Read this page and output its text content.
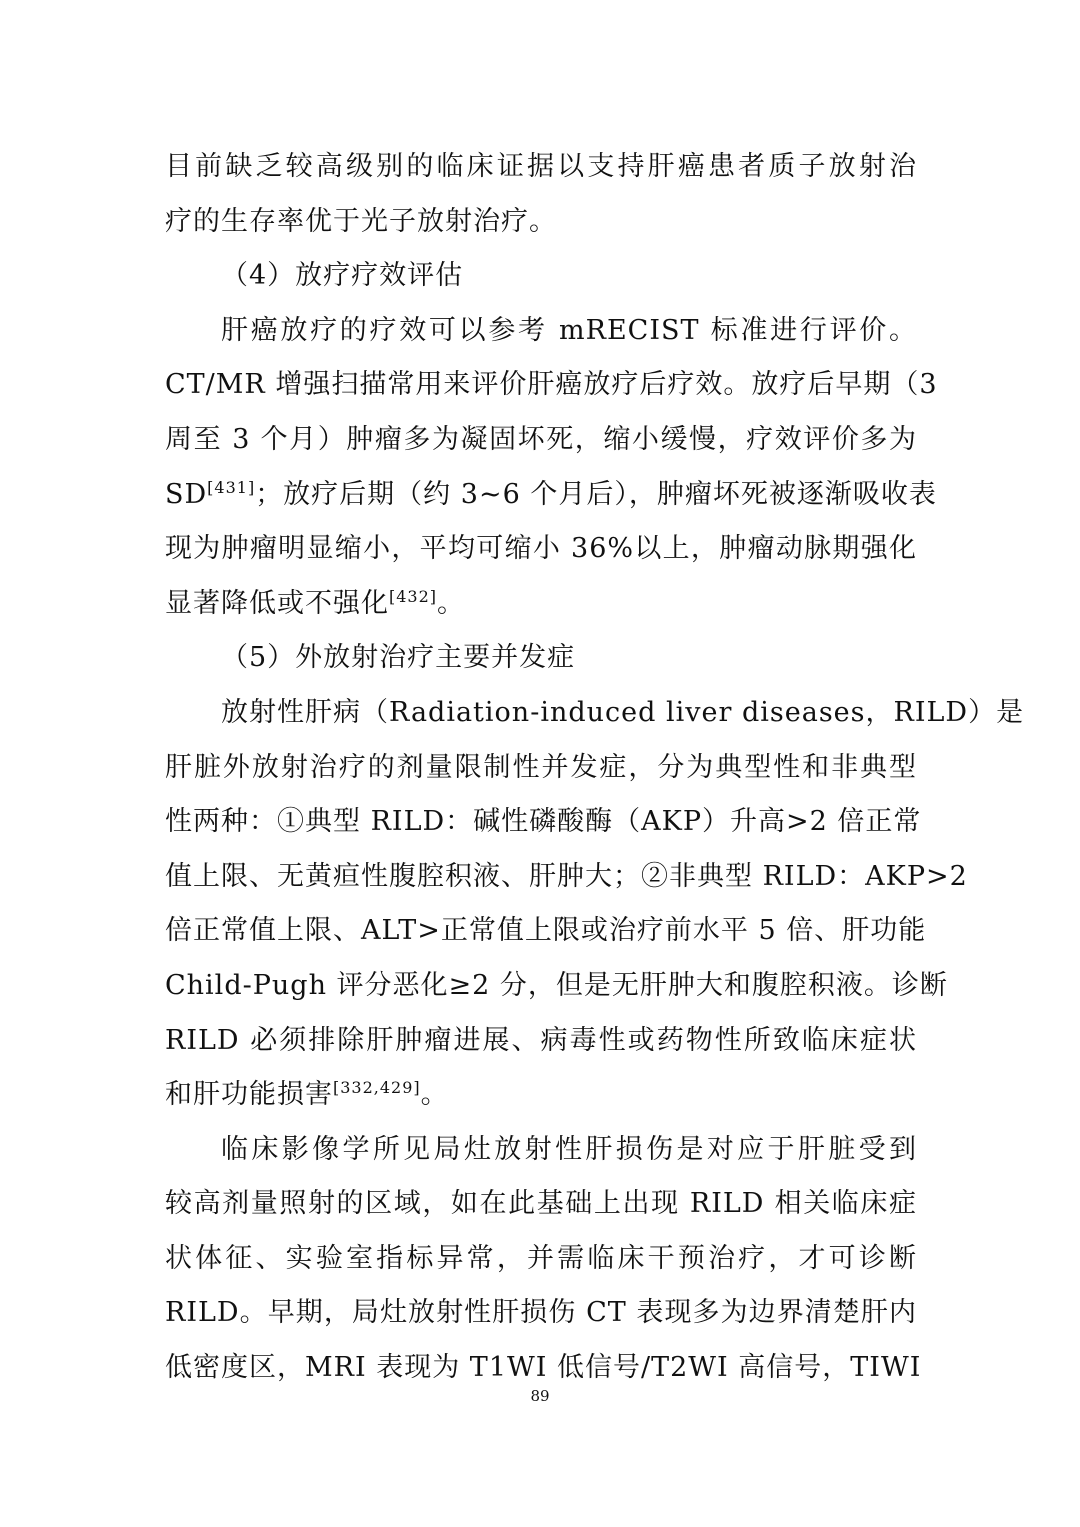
目前缺乏较高级别的临床证据以支持肝癌患者质子放射治
疗的生存率优于光子放射治疗。
（4）放疗疗效评估
肝癌放疗的疗效可以参考 mRECIST 标准进行评价。
CT/MR 增强扫描常用来评价肝癌放疗后疗效。放疗后早期（3
周至 3 个月）肿瘤多为凝固坏死，缩小缓慢，疗效评价多为
SD[431]；放疗后期（约 3~6 个月后），肿瘤坏死被逐渐吸收表
现为肿瘤明显缩小，平均可缩小 36%以上，肿瘤动脉期强化
显著降低或不强化[432]。
（5）外放射治疗主要并发症
放射性肝病（Radiation-induced liver diseases，RILD）是
肝脏外放射治疗的剂量限制性并发症，分为典型性和非典型
性两种：①典型 RILD：碱性磷酸酶（AKP）升高>2 倍正常
值上限、无黄疸性腹腔积液、肝肿大；②非典型 RILD：AKP>2
倍正常值上限、ALT>正常值上限或治疗前水平 5 倍、肝功能
Child-Pugh 评分恶化≥2 分，但是无肝肿大和腹腔积液。诊断
RILD 必须排除肝肿瘤进展、病毒性或药物性所致临床症状
和肝功能损害[332,429]。
临床影像学所见局灶放射性肝损伤是对应于肝脏受到
较高剂量照射的区域，如在此基础上出现 RILD 相关临床症
状体征、实验室指标异常，并需临床干预治疗，才可诊断
RILD。早期，局灶放射性肝损伤 CT 表现多为边界清楚肝内
低密度区，MRI 表现为 T1WI 低信号/T2WI 高信号，TIWI
89
